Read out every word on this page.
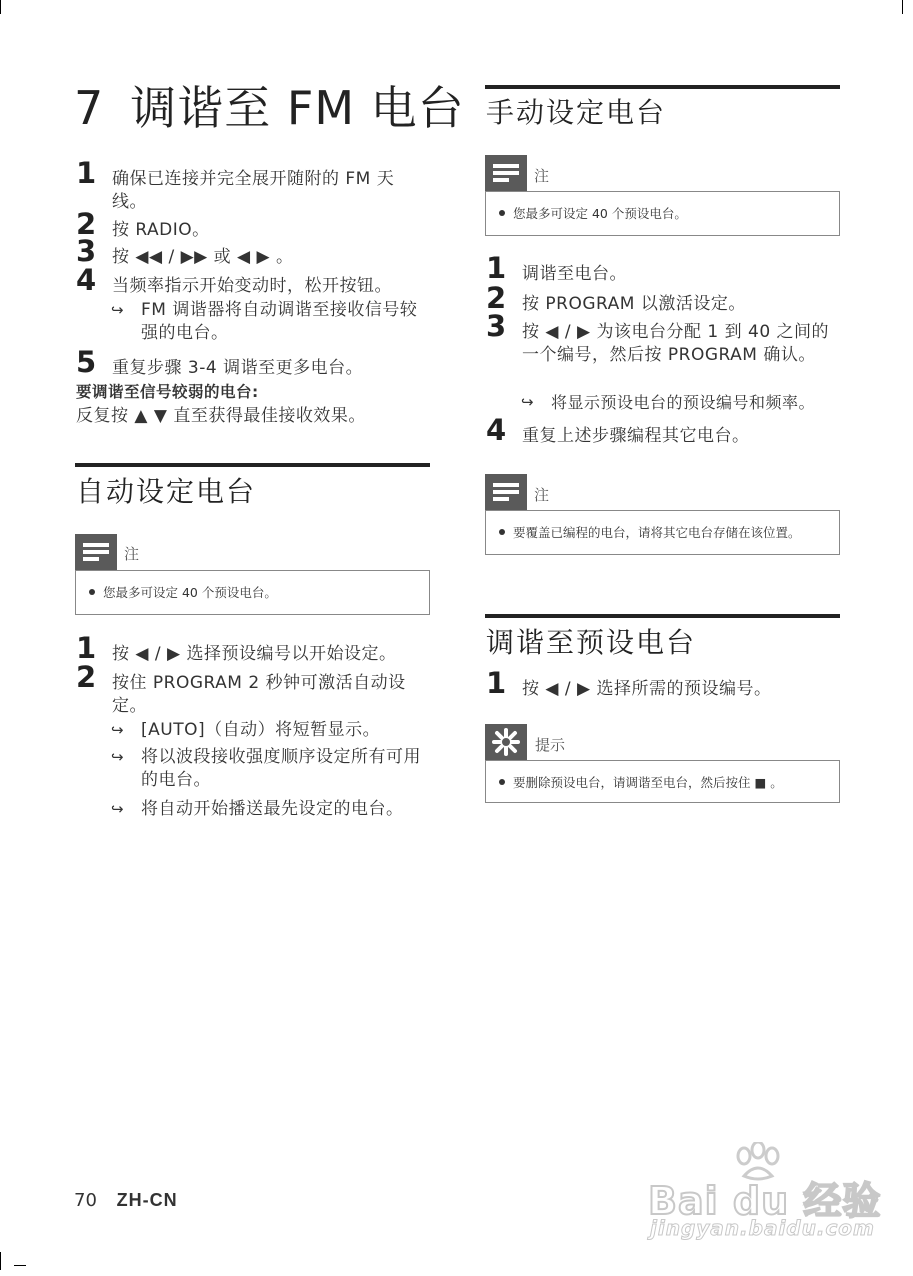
7 调谐至 FM 电台
1 确保已连接并完全展开随附的 FM 天线。
2 按 RADIO。
3 按 ◀◀ / ▶▶ 或 ◀ ▶ 。
4 当频率指示开始变动时，松开按钮。
↪ FM 调谐器将自动调谐至接收信号较强的电台。
5 重复步骤 3-4 调谐至更多电台。
要调谐至信号较弱的电台:
反复按 ▲ ▼ 直至获得最佳接收效果。
自动设定电台
注
您最多可设定 40 个预设电台。
1 按 ◀ / ▶ 选择预设编号以开始设定。
2 按住 PROGRAM 2 秒钟可激活自动设定。
↪ [AUTO]（自动）将短暂显示。
↪ 将以波段接收强度顺序设定所有可用的电台。
↪ 将自动开始播送最先设定的电台。
手动设定电台
注
您最多可设定 40 个预设电台。
1 调谐至电台。
2 按 PROGRAM 以激活设定。
3 按 ◀ / ▶ 为该电台分配 1 到 40 之间的一个编号，然后按 PROGRAM 确认。
↪ 将显示预设电台的预设编号和频率。
4 重复上述步骤编程其它电台。
注
要覆盖已编程的电台，请将其它电台存储在该位置。
调谐至预设电台
1 按 ◀ / ▶ 选择所需的预设编号。
提示
要删除预设电台，请调谐至电台，然后按住 ■ 。
70 ZH-CN	Bai du 经验
jingyan.baidu.com
